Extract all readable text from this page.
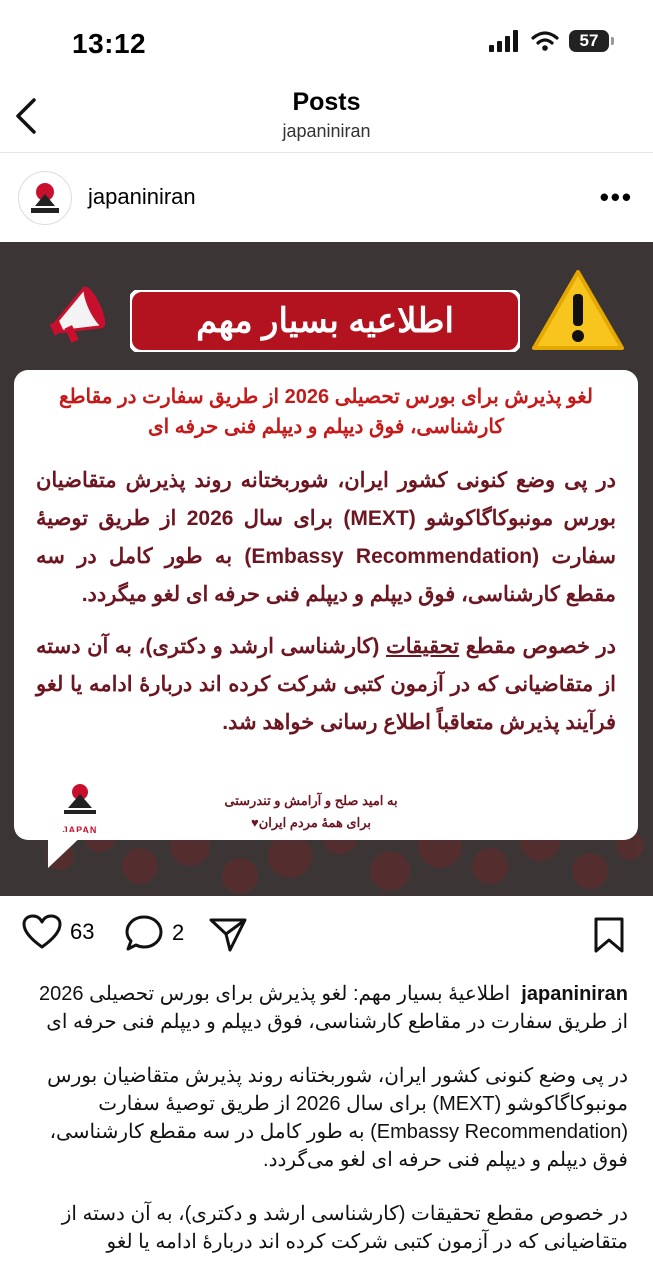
13:12	57
Posts
japaniniran
japaniniran	•••
اطلاعیه بسیار مهم
لغو پذیرش برای بورس تحصیلی 2026 از طریق سفارت در مقاطع کارشناسی، فوق دیپلم و دیپلم فنی حرفه ای

در پی وضع کنونی کشور ایران، شوربختانه روند پذیرش متقاضیان بورس مونبوکاگاکوشو (MEXT) برای سال 2026 از طریق توصیهٔ سفارت (Embassy Recommendation) به طور کامل در سه مقطع کارشناسی، فوق دیپلم و دیپلم فنی حرفه ای لغو میگردد.

در خصوص مقطع تحقیقات (کارشناسی ارشد و دکتری)، به آن دسته از متقاضیانی که در آزمون کتبی شرکت کرده اند دربارهٔ ادامه یا لغو فرآیند پذیرش متعاقباً اطلاع رسانی خواهد شد.

به امید صلح و آرامش و تندرستی
برای همهٔ مردم ایران♥
JAPAN
63	2

japaniniran  اطلاعیهٔ بسیار مهم: لغو پذیرش برای بورس تحصیلی 2026 از طریق سفارت در مقاطع کارشناسی، فوق دیپلم و دیپلم فنی حرفه ای

در پی وضع کنونی کشور ایران، شوربختانه روند پذیرش متقاضیان بورس مونبوکاگاکوشو (MEXT) برای سال 2026 از طریق توصیهٔ سفارت (Embassy Recommendation) به طور کامل در سه مقطع کارشناسی، فوق دیپلم و دیپلم فنی حرفه ای لغو می‌گردد.

در خصوص مقطع تحقیقات (کارشناسی ارشد و دکتری)، به آن دسته از متقاضیانی که در آزمون کتبی شرکت کرده اند دربارهٔ ادامه یا لغو
